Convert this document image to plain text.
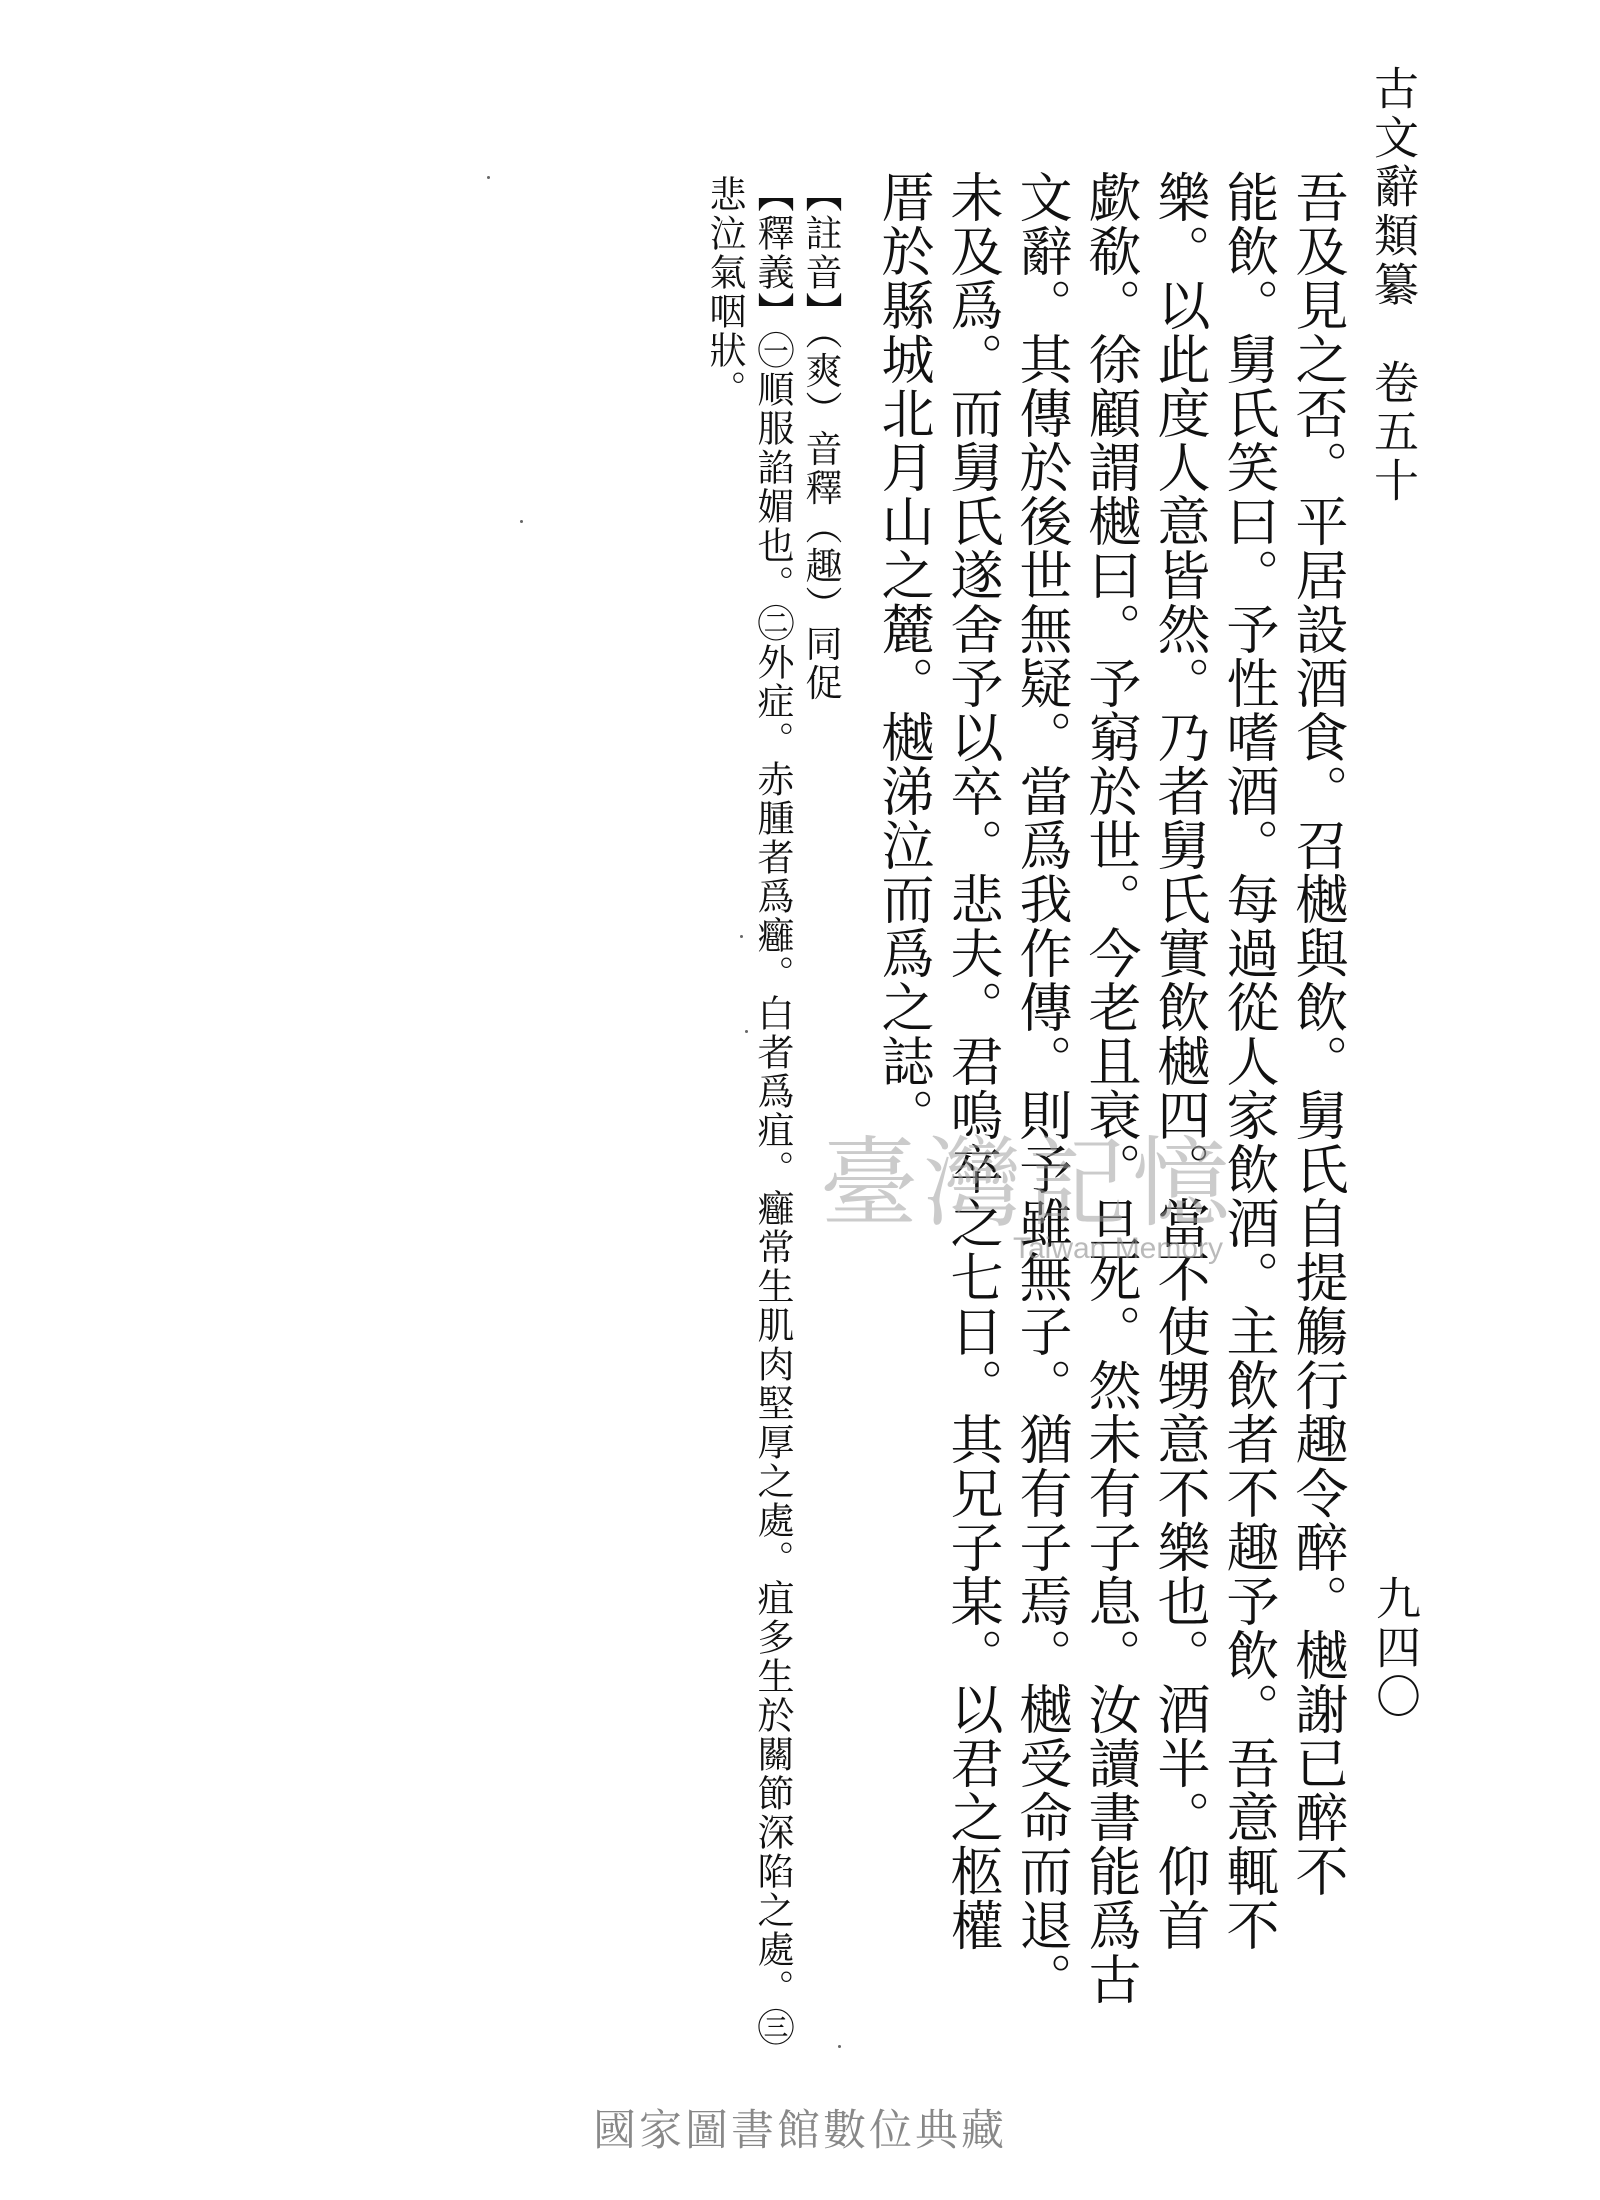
古文辭類纂　卷五十
九四〇
吾及見之否。平居設酒食。召樾與飲。舅氏自提觴行趣令醉。樾謝已醉不
能飲。舅氏笑曰。予性嗜酒。每過從人家飲酒。主飲者不趣予飲。吾意輒不
樂。以此度人意皆然。乃者舅氏實飲樾四。當不使甥意不樂也。酒半。仰首
歔欷。徐顧謂樾曰。予窮於世。今老且衰。旦死。然未有子息。汝讀書能爲古
文辭。其傳於後世無疑。當爲我作傳。則予雖無子。猶有子焉。樾受命而退。
未及爲。而舅氏遂舍予以卒。悲夫。君嗚卒之七日。其兄子某。以君之柩權
厝於縣城北月山之麓。樾涕泣而爲之誌。
【註音】（爽）音釋（趣）同促
【釋義】㊀順服諂媚也。㊁外症。赤腫者爲癰。白者爲疽。癰常生肌肉堅厚之處。疽多生於關節深陷之處。㊂
悲泣氣咽狀。
臺灣記憶
Taiwan Memory
國家圖書館數位典藏
